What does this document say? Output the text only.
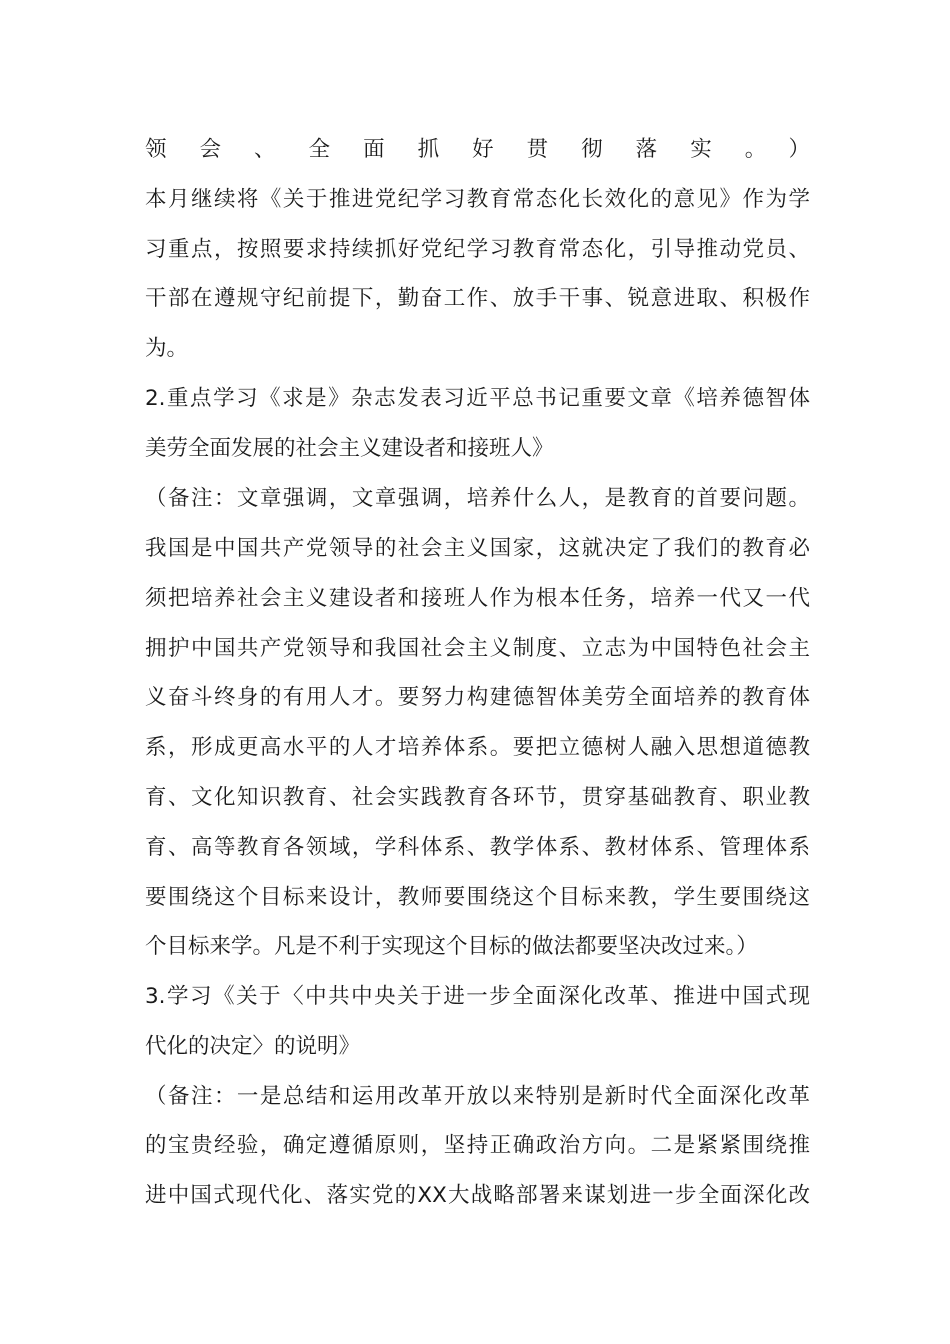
领会、全面抓好贯彻落实。）
本月继续将《关于推进党纪学习教育常态化长效化的意见》作为学
习重点，按照要求持续抓好党纪学习教育常态化，引导推动党员、
干部在遵规守纪前提下，勤奋工作、放手干事、锐意进取、积极作
为。
2.重点学习《求是》杂志发表习近平总书记重要文章《培养德智体
美劳全面发展的社会主义建设者和接班人》
（备注：文章强调，文章强调，培养什么人，是教育的首要问题。
我国是中国共产党领导的社会主义国家，这就决定了我们的教育必
须把培养社会主义建设者和接班人作为根本任务，培养一代又一代
拥护中国共产党领导和我国社会主义制度、立志为中国特色社会主
义奋斗终身的有用人才。要努力构建德智体美劳全面培养的教育体
系，形成更高水平的人才培养体系。要把立德树人融入思想道德教
育、文化知识教育、社会实践教育各环节，贯穿基础教育、职业教
育、高等教育各领域，学科体系、教学体系、教材体系、管理体系
要围绕这个目标来设计，教师要围绕这个目标来教，学生要围绕这
个目标来学。凡是不利于实现这个目标的做法都要坚决改过来。）
3.学习《关于〈中共中央关于进一步全面深化改革、推进中国式现
代化的决定〉的说明》
（备注：一是总结和运用改革开放以来特别是新时代全面深化改革
的宝贵经验，确定遵循原则，坚持正确政治方向。二是紧紧围绕推
进中国式现代化、落实党的XX大战略部署来谋划进一步全面深化改
